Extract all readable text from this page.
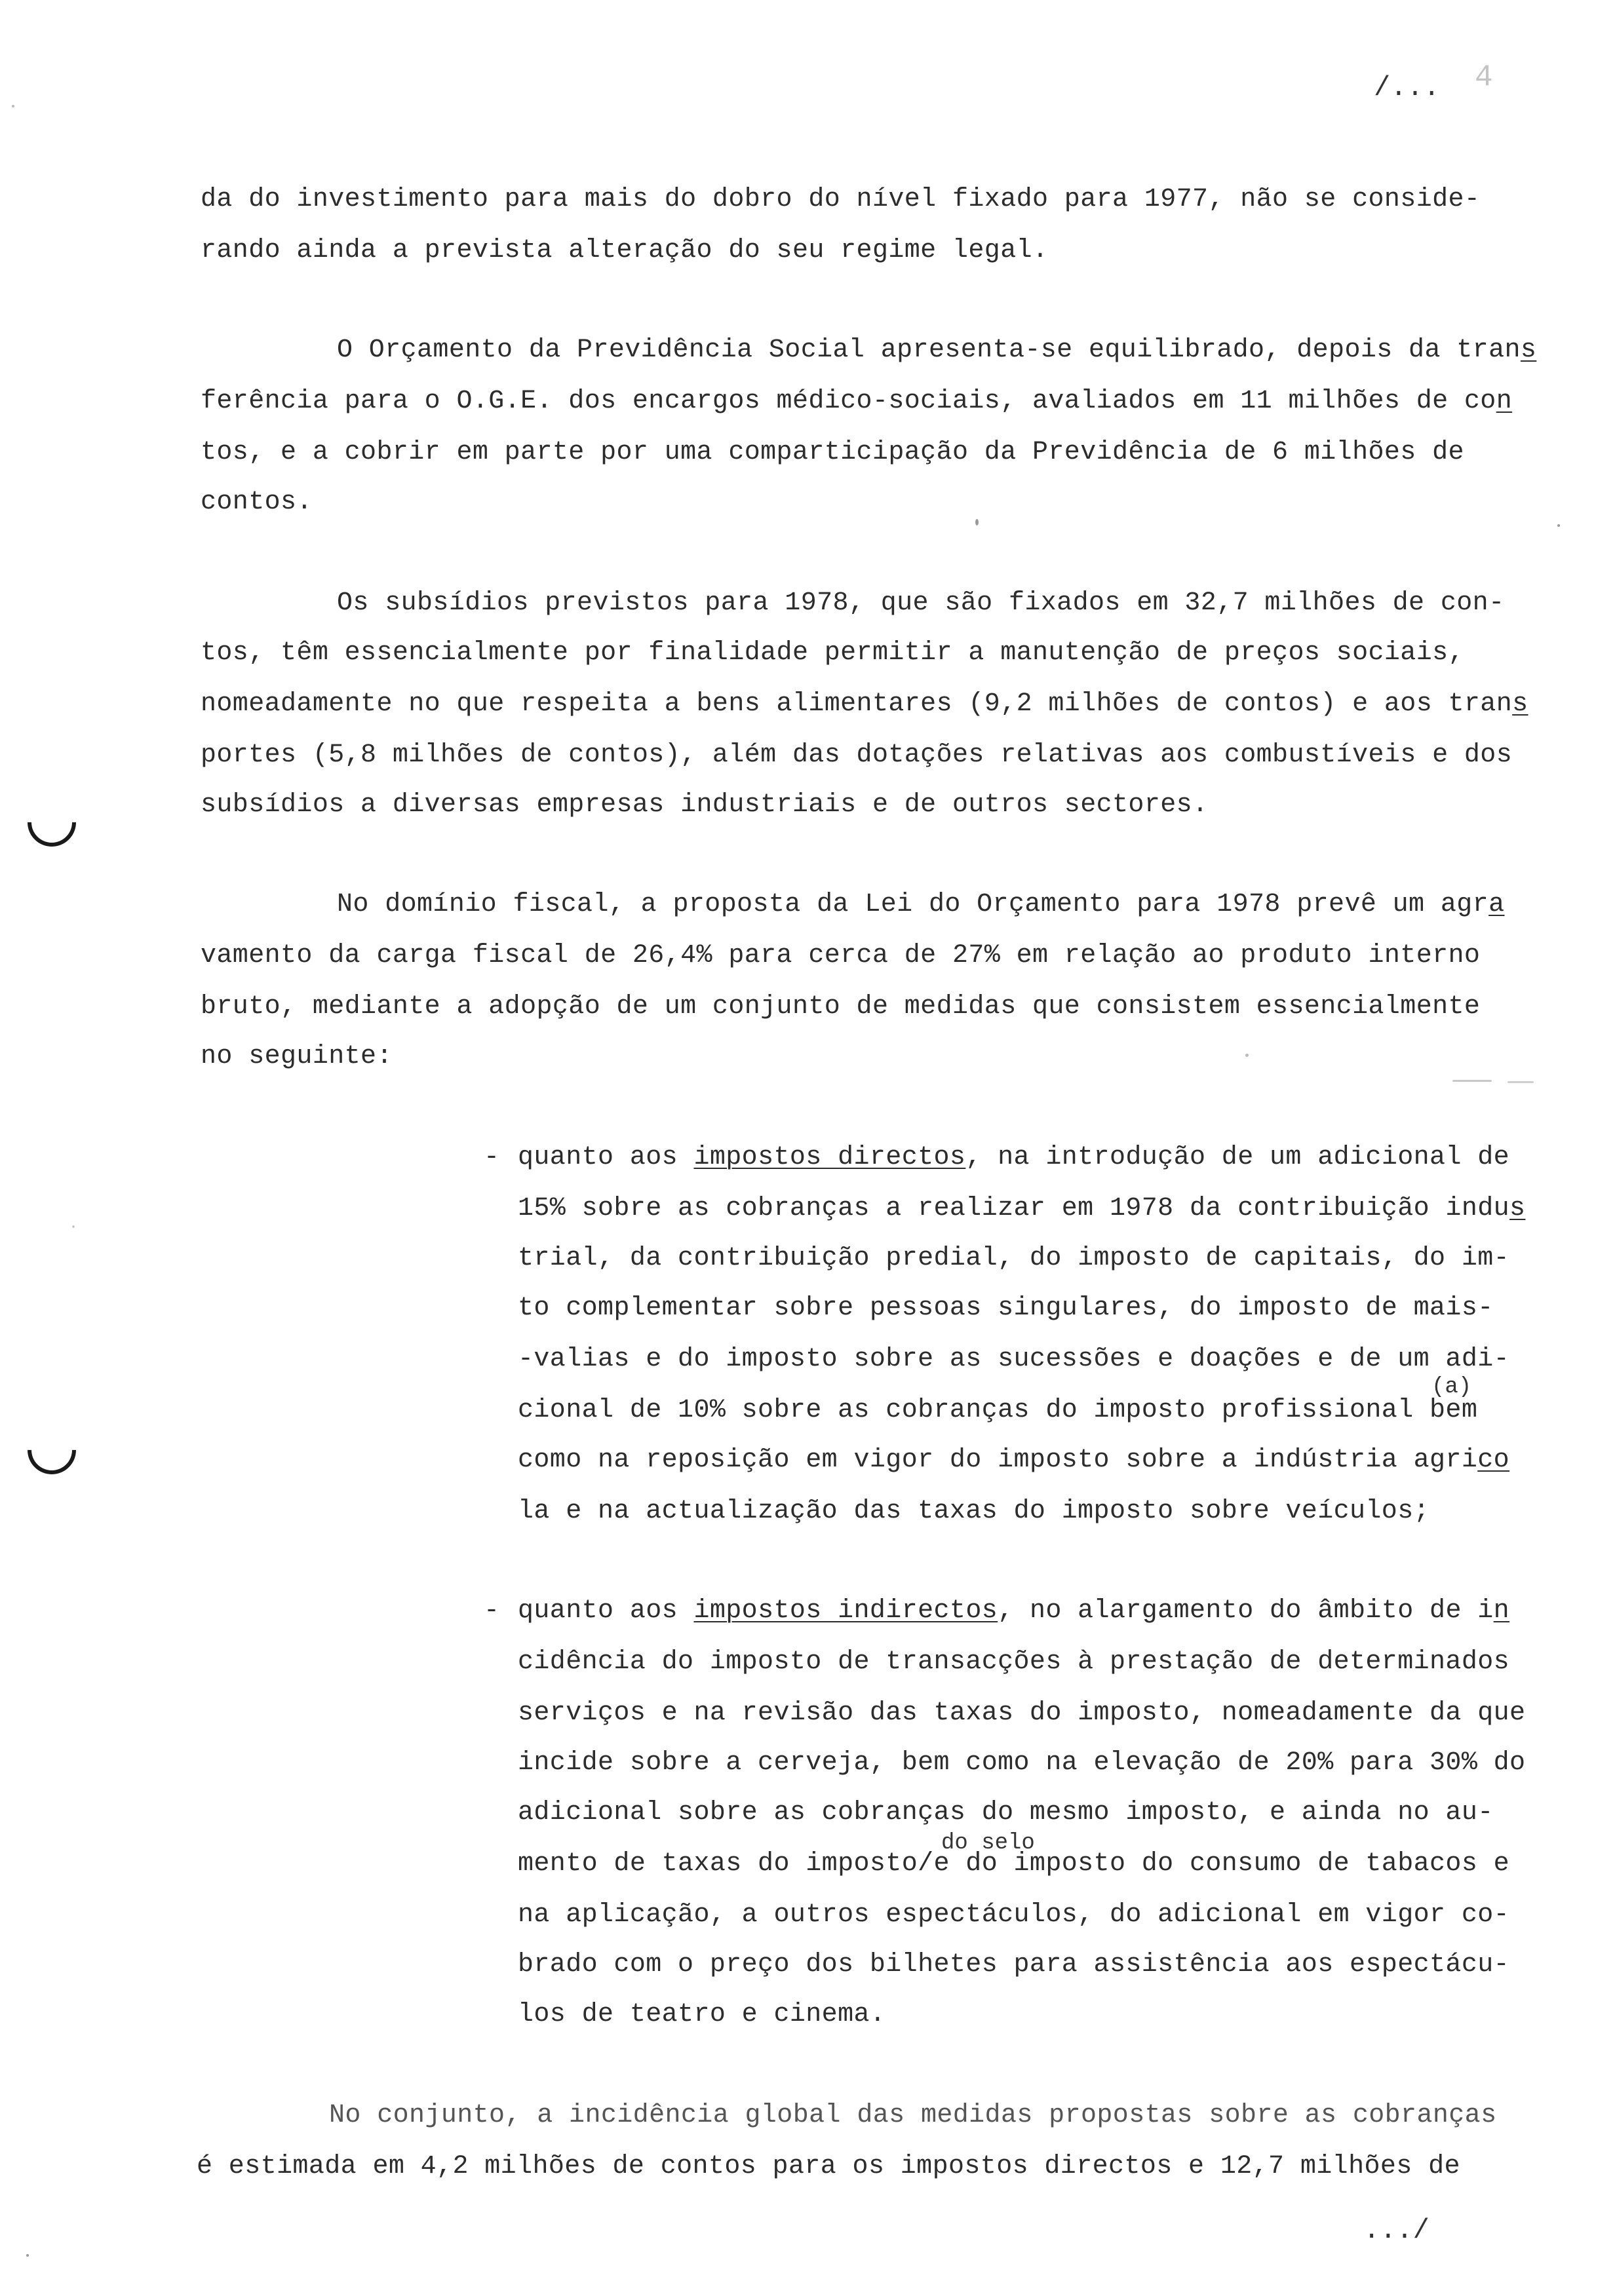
/... 4
da do investimento para mais do dobro do nível fixado para 1977, não se conside-
rando ainda a prevista alteração do seu regime legal.
O Orçamento da Previdência Social apresenta-se equilibrado, depois da trans
ferência para o O.G.E. dos encargos médico-sociais, avaliados em 11 milhões de con
tos, e a cobrir em parte por uma comparticipação da Previdência de 6 milhões de
contos.
Os subsídios previstos para 1978, que são fixados em 32,7 milhões de con-
tos, têm essencialmente por finalidade permitir a manutenção de preços sociais,
nomeadamente no que respeita a bens alimentares (9,2 milhões de contos) e aos trans
portes (5,8 milhões de contos), além das dotações relativas aos combustíveis e dos
subsídios a diversas empresas industriais e de outros sectores.
No domínio fiscal, a proposta da Lei do Orçamento para 1978 prevê um agra
vamento da carga fiscal de 26,4% para cerca de 27% em relação ao produto interno
bruto, mediante a adopção de um conjunto de medidas que consistem essencialmente
no seguinte:
- quanto aos impostos directos, na introdução de um adicional de
15% sobre as cobranças a realizar em 1978 da contribuição indus
trial, da contribuição predial, do imposto de capitais, do im-
to complementar sobre pessoas singulares, do imposto de mais-
-valias e do imposto sobre as sucessões e doações e de um adi-
(a)
cional de 10% sobre as cobranças do imposto profissional bem
como na reposição em vigor do imposto sobre a indústria agrico
la e na actualização das taxas do imposto sobre veículos;
- quanto aos impostos indirectos, no alargamento do âmbito de in
cidência do imposto de transacções à prestação de determinados
serviços e na revisão das taxas do imposto, nomeadamente da que
incide sobre a cerveja, bem como na elevação de 20% para 30% do
adicional sobre as cobranças do mesmo imposto, e ainda no au-
do selo
mento de taxas do imposto/e do imposto do consumo de tabacos e
na aplicação, a outros espectáculos, do adicional em vigor co-
brado com o preço dos bilhetes para assistência aos espectácu-
los de teatro e cinema.
No conjunto, a incidência global das medidas propostas sobre as cobranças
é estimada em 4,2 milhões de contos para os impostos directos e 12,7 milhões de
.../
